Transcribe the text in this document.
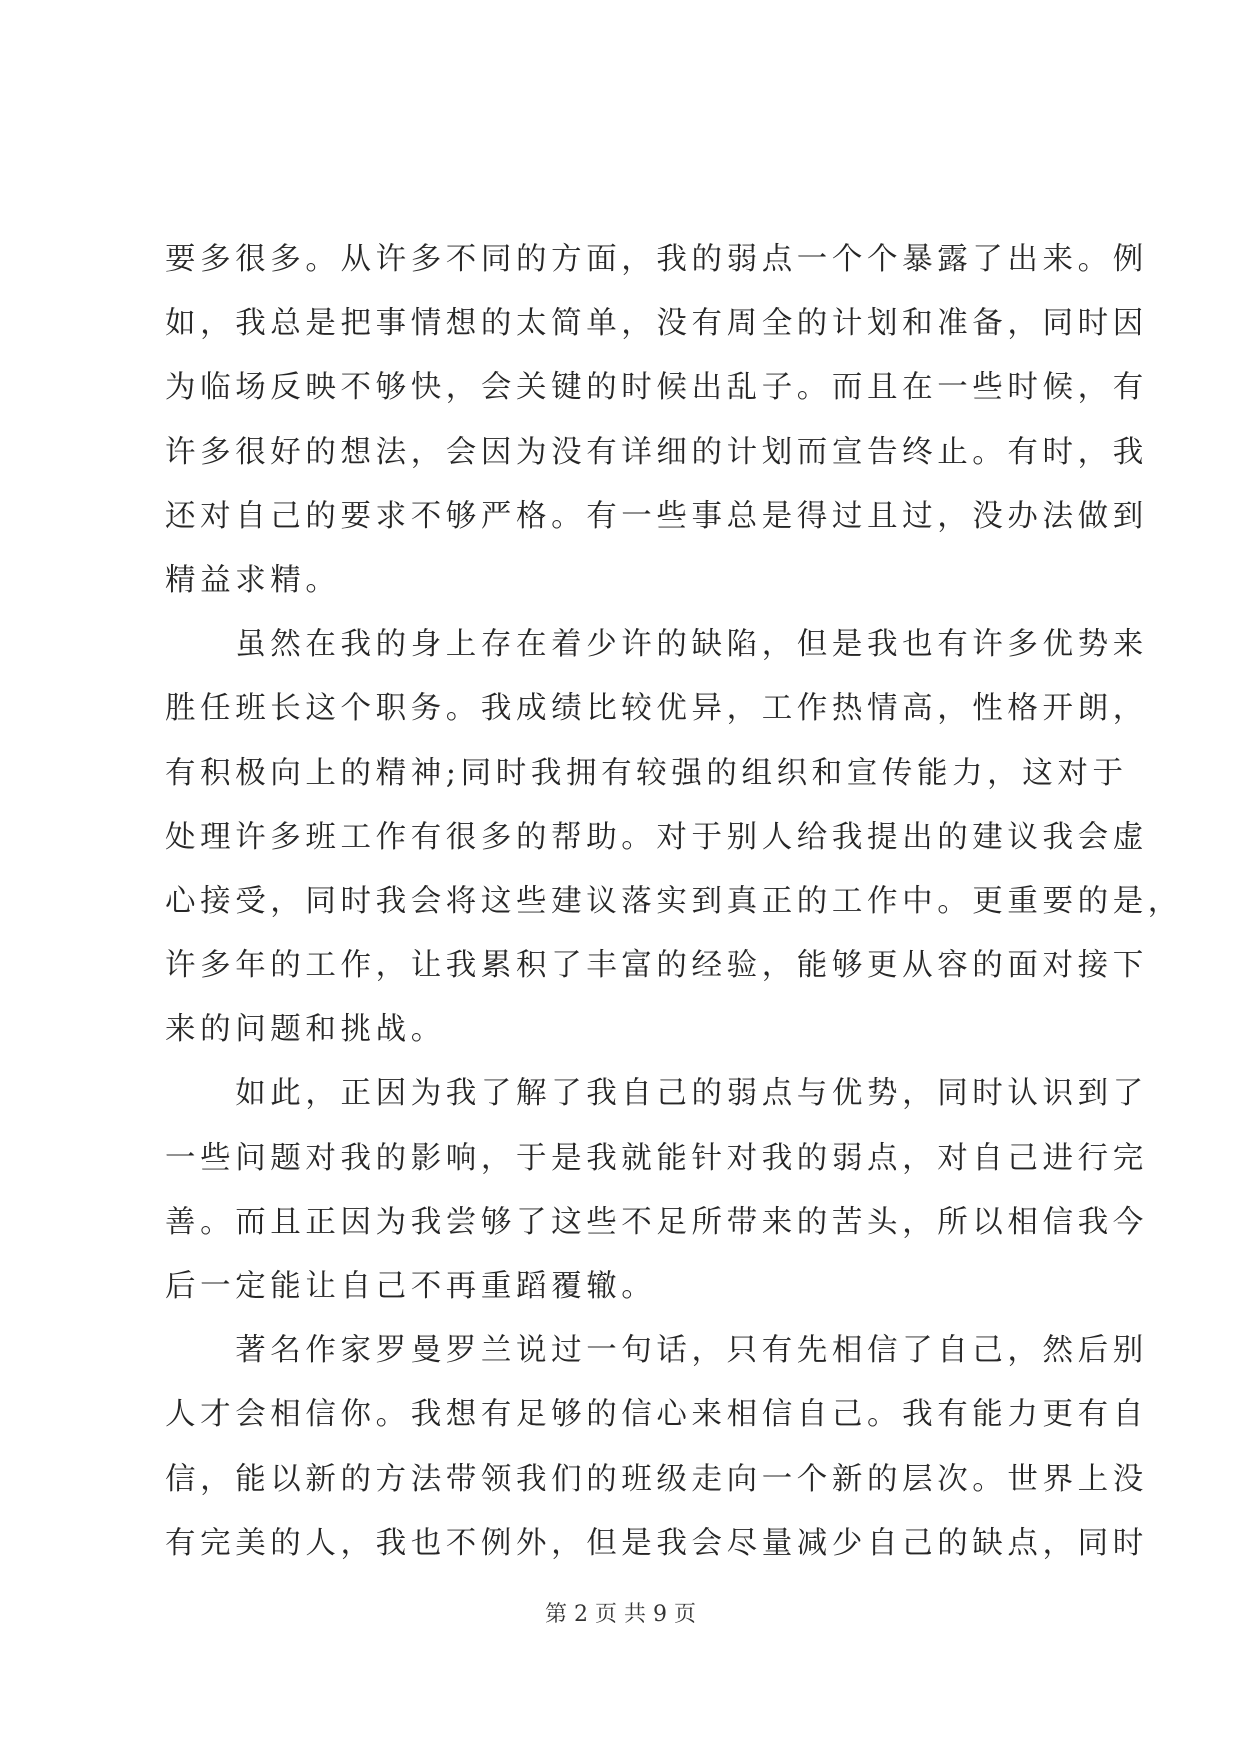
要多很多。从许多不同的方面，我的弱点一个个暴露了出来。例
如，我总是把事情想的太简单，没有周全的计划和准备，同时因
为临场反映不够快，会关键的时候出乱子。而且在一些时候，有
许多很好的想法，会因为没有详细的计划而宣告终止。有时，我
还对自己的要求不够严格。有一些事总是得过且过，没办法做到
精益求精。
　　虽然在我的身上存在着少许的缺陷，但是我也有许多优势来
胜任班长这个职务。我成绩比较优异，工作热情高，性格开朗，
有积极向上的精神;同时我拥有较强的组织和宣传能力，这对于
处理许多班工作有很多的帮助。对于别人给我提出的建议我会虚
心接受，同时我会将这些建议落实到真正的工作中。更重要的是，
许多年的工作，让我累积了丰富的经验，能够更从容的面对接下
来的问题和挑战。
　　如此，正因为我了解了我自己的弱点与优势，同时认识到了
一些问题对我的影响，于是我就能针对我的弱点，对自己进行完
善。而且正因为我尝够了这些不足所带来的苦头，所以相信我今
后一定能让自己不再重蹈覆辙。
　　著名作家罗曼罗兰说过一句话，只有先相信了自己，然后别
人才会相信你。我想有足够的信心来相信自己。我有能力更有自
信，能以新的方法带领我们的班级走向一个新的层次。世界上没
有完美的人，我也不例外，但是我会尽量减少自己的缺点，同时
第 2 页 共 9 页
